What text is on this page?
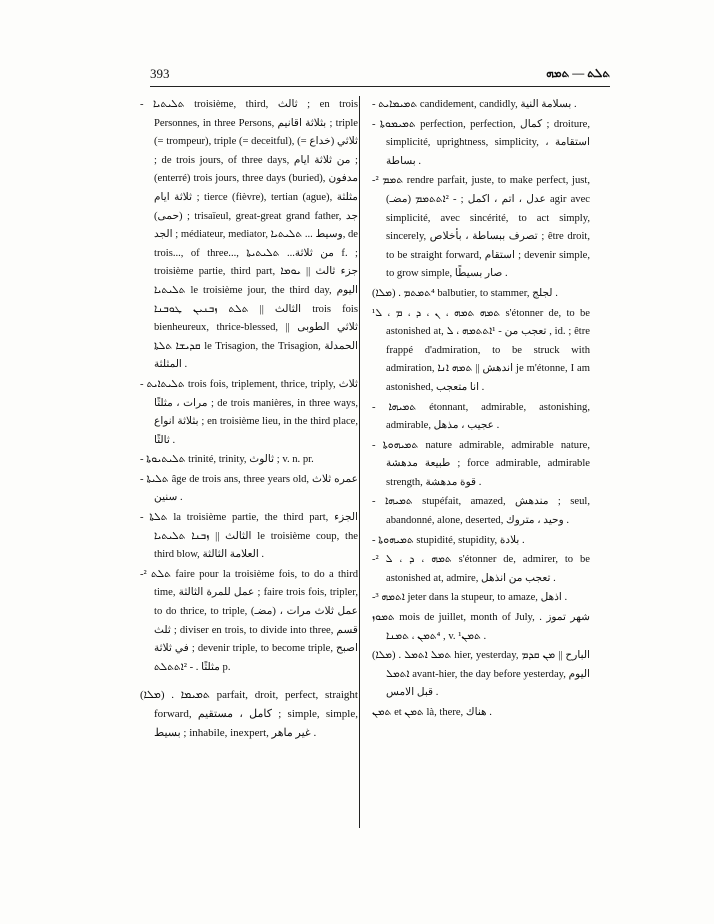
393	ܬܠܬ — ܬܡܗ

- ܬܠܝܬܝܐ troisième, third, ثالث ; en trois Personnes, in three Persons, بثلاثة اقانيم ; triple (= trompeur), triple (= deceitful), (= خداع) ثلاثي ; de trois jours, of three days, من ثلاثة ايام ; (enterré) trois jours, three days (buried), مدفون ثلاثة ايام ; tierce (fièvre), tertian (ague), مثلثة (حمى) ; trisaïeul, great-great grand father, جد الجد ; médiateur, mediator, وسيط ... ܬܠܝܬܝܐ, de trois..., of three..., من ثلاثة... ܬܠܝܬܝܬܐ f. ; troisième partie, third part, جزء ثالث || ܝܘܡܐ ܬܠܝܬܝܐ le troisième jour, the third day, اليوم الثالث || ܬܠܬ ܙܒܢܝܢ ܛܘܒܢܐ trois fois bienheureux, thrice-blessed, ثلاثي الطوبى || ܩܕܝܫܐ ܬܠܬܐ le Trisagion, the Trisagion, الحمدلة المثلثة .

- ܬܠܝܬܐܝܬ trois fois, triplement, thrice, triply, ثلاث مرات ، مثلثًا ; de trois manières, in three ways, بثلاثة انواع ; en troisième lieu, in the third place, ثالثًا .

- ܬܠܝܬܝܘܬܐ trinité, trinity, ثالوث ; v. n. pr.

- ܬܠܝܬܐ âge de trois ans, three years old, عمره ثلاث سنين .

- ܬܠܬܐ la troisième partie, the third part, الجزء الثالث || ܙܒܢܐ ܬܠܝܬܝܐ le troisième coup, the third blow, العلامة الثالثة .

-² ܬܠܬ faire pour la troisième fois, to do a third time, عمل للمرة الثالثة ; faire trois fois, tripler, to do thrice, to triple, (مضـ) عمل ثلاث مرات ، ثلث ; diviser en trois, to divide into three, قسم في ثلاثة ; devenir triple, to become triple, اصبح مثلثًا . - ²ܐܬܬܠܬ p.

(ܡܠܐ) . ܬܡܝܡܐ parfait, droit, perfect, straight forward, كامل ، مستقيم ; simple, simple, بسيط ; inhabile, inexpert, غير ماهر .

- ܬܡܝܡܐܝܬ candidement, candidly, بسلامة النية .

- ܬܡܝܡܘܬܐ perfection, perfection, كمال ; droiture, simplicité, uprightness, simplicity, استقامة ، بساطة .

-² ܬܡܡ rendre parfait, juste, to make perfect, just, (مضـ) عدل ، اتم ، اكمل ; - ²ܐܬܬܡܡ agir avec simplicité, avec sincérité, to act simply, sincerely, تصرف ببساطة ، بأخلاص ; être droit, to be straight forward, استقام ; devenir simple, to grow simple, صار بسيطًا .

(ܡܠܐ) . ⁴ܬܡܬܡ balbutier, to stammer, لجلج .

¹ܬܡܗ ܬܡܗ ، ܢ ، ܕ ، ܡ ، ܠ s'étonner de, to be astonished at, تعجب من - ¹ܐܬܬܡܗ ، ܠ , id. ; être frappé d'admiration, to be struck with admiration, اندهش || ܬܡܗ ܐܢܐ je m'étonne, I am astonished, انا متعجب .

- ܬܡܝܗܐ étonnant, admirable, astonishing, admirable, عجيب ، مذهل .

- ܬܡܝܗܘܬܐ nature admirable, admirable nature, طبيعة مدهشة ; force admirable, admirable strength, قوة مدهشة .

- ܬܡܝܗܐ stupéfait, amazed, مندهش ; seul, abandonné, alone, deserted, وحيد ، متروك .

- ܬܡܝܗܘܬܐ stupidité, stupidity, بلادة .

-² ܬܡܗ ، ܕ ، ܠ s'étonner de, admirer, to be astonished at, admire, تعجب من انذهل .

-³ ܐܬܡܗ jeter dans la stupeur, to amaze, اذهل .

ܬܡܘܙ mois de juillet, month of July, شهر تموز . ⁴ܬܡܢ ، ܬܡܢܐ , v. ¹ܬܡܢ .

(ܡܠܐ) . ܬܡܠ ܐܬܡܠ hier, yesterday, البارح || ܡܢ ܩܕܡ ܐܬܡܠ avant-hier, the day before yesterday, اليوم قبل الامس .

ܬܡܢ et ܬܡܢ là, there, هناك .
